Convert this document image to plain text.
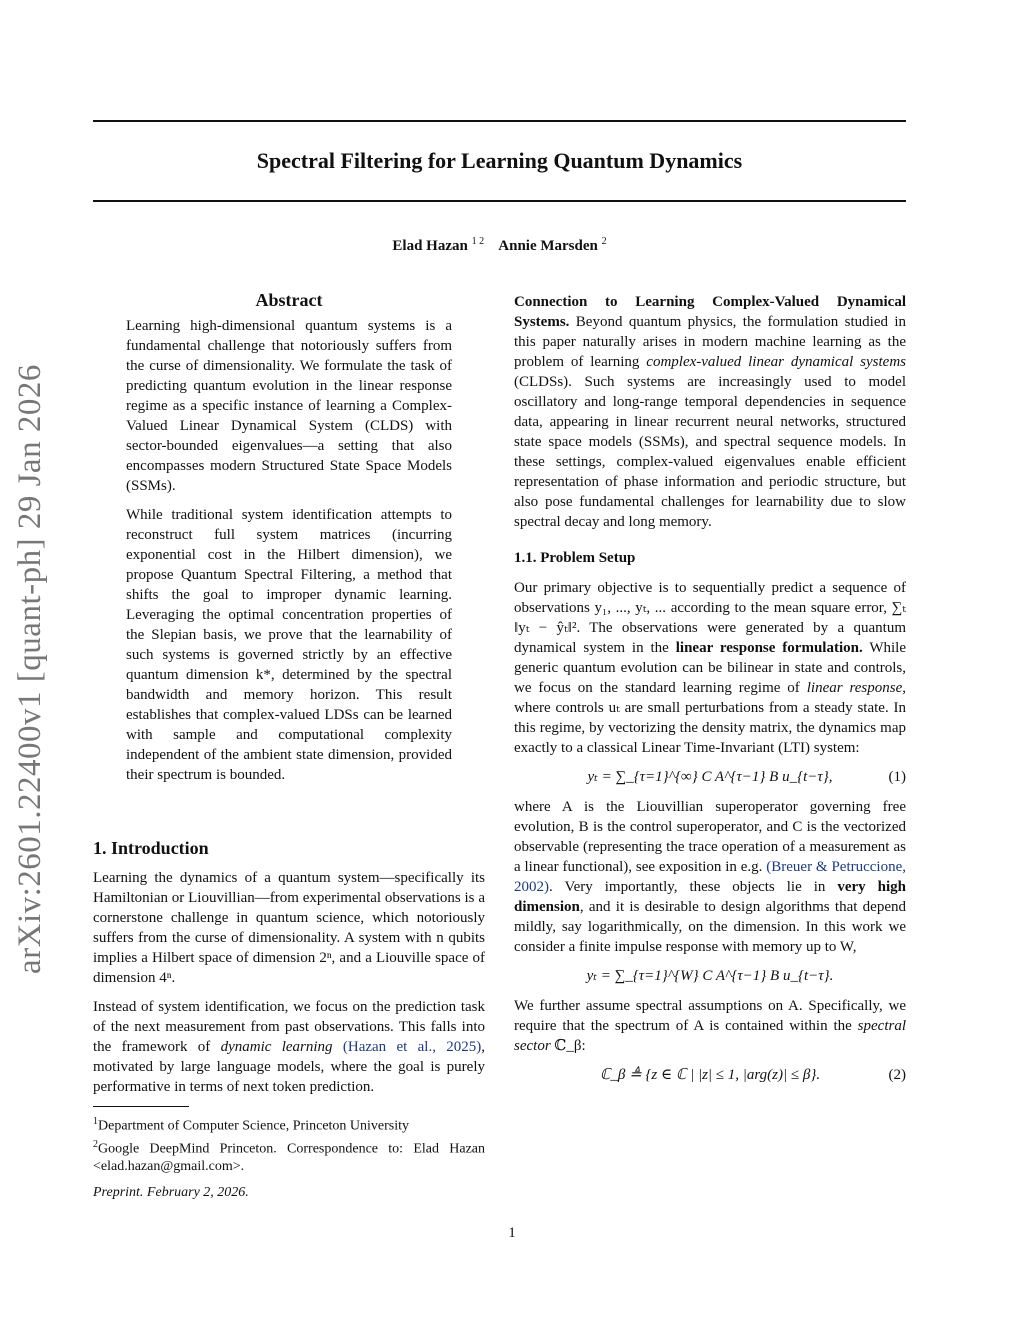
Spectral Filtering for Learning Quantum Dynamics
Elad Hazan $^{1 2}$ Annie Marsden $^2$
arXiv:2601.22400v1 [quant-ph] 29 Jan 2026
Abstract

Learning high-dimensional quantum systems is a fundamental challenge that notoriously suffers from the curse of dimensionality. We formulate the task of predicting quantum evolution in the linear response regime as a specific instance of learning a Complex-Valued Linear Dynamical System (CLDS) with sector-bounded eigenvalues—a setting that also encompasses modern Structured State Space Models (SSMs).

While traditional system identification attempts to reconstruct full system matrices (incurring exponential cost in the Hilbert dimension), we propose Quantum Spectral Filtering, a method that shifts the goal to improper dynamic learning. Leveraging the optimal concentration properties of the Slepian basis, we prove that the learnability of such systems is governed strictly by an effective quantum dimension k*, determined by the spectral bandwidth and memory horizon. This result establishes that complex-valued LDSs can be learned with sample and computational complexity independent of the ambient state dimension, provided their spectrum is bounded.

1. Introduction

Learning the dynamics of a quantum system—specifically its Hamiltonian or Liouvillian—from experimental observations is a cornerstone challenge in quantum science, which notoriously suffers from the curse of dimensionality. A system with n qubits implies a Hilbert space of dimension 2ⁿ, and a Liouville space of dimension 4ⁿ.

Instead of system identification, we focus on the prediction task of the next measurement from past observations. This falls into the framework of dynamic learning (Hazan et al., 2025), motivated by large language models, where the goal is purely performative in terms of next token prediction.

$^1$Department of Computer Science, Princeton University
$^2$Google DeepMind Princeton. Correspondence to: Elad Hazan <elad.hazan@gmail.com>.
Preprint. February 2, 2026.

Connection to Learning Complex-Valued Dynamical Systems. Beyond quantum physics, the formulation studied in this paper naturally arises in modern machine learning as the problem of learning complex-valued linear dynamical systems (CLDSs). Such systems are increasingly used to model oscillatory and long-range temporal dependencies in sequence data, appearing in linear recurrent neural networks, structured state space models (SSMs), and spectral sequence models. In these settings, complex-valued eigenvalues enable efficient representation of phase information and periodic structure, but also pose fundamental challenges for learnability due to slow spectral decay and long memory.

1.1. Problem Setup

Our primary objective is to sequentially predict a sequence of observations y₁, ..., yₜ, ... according to the mean square error, ∑ₜ ‖yₜ − ŷₜ‖². The observations were generated by a quantum dynamical system in the linear response formulation. While generic quantum evolution can be bilinear in state and controls, we focus on the standard learning regime of linear response, where controls uₜ are small perturbations from a steady state. In this regime, by vectorizing the density matrix, the dynamics map exactly to a classical Linear Time-Invariant (LTI) system:

yₜ = ∑_{τ=1}^{∞} C A^{τ−1} B u_{t−τ},	(1)

where A is the Liouvillian superoperator governing free evolution, B is the control superoperator, and C is the vectorized observable (representing the trace operation of a measurement as a linear functional), see exposition in e.g. (Breuer & Petruccione, 2002). Very importantly, these objects lie in very high dimension, and it is desirable to design algorithms that depend mildly, say logarithmically, on the dimension. In this work we consider a finite impulse response with memory up to W,

yₜ = ∑_{τ=1}^{W} C A^{τ−1} B u_{t−τ}.

We further assume spectral assumptions on A. Specifically, we require that the spectrum of A is contained within the spectral sector ℂ_β:

ℂ_β ≜ {z ∈ ℂ | |z| ≤ 1, |arg(z)| ≤ β}.	(2)
1
